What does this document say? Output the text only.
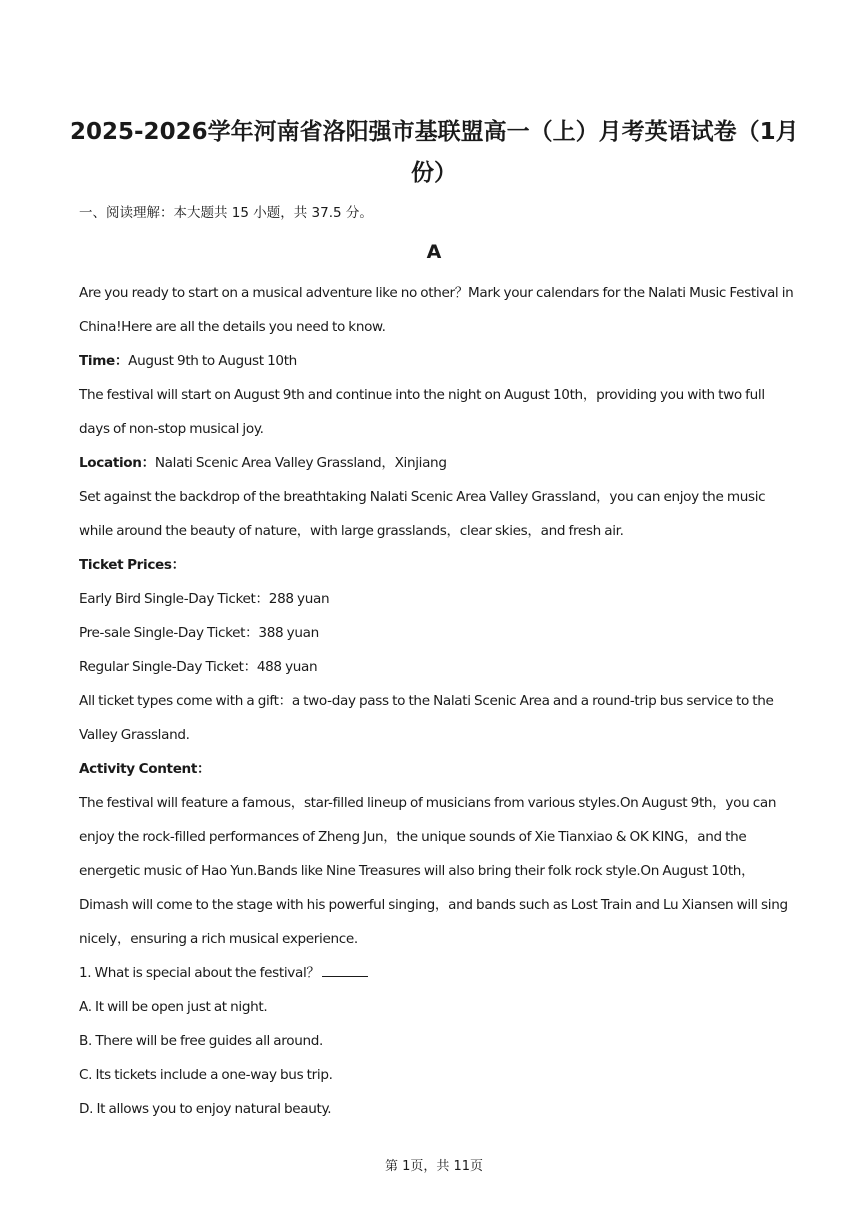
2025-2026学年河南省洛阳强市基联盟高一（上）月考英语试卷（1月
份）
一、阅读理解：本大题共 15 小题，共 37.5 分。
A

Are you ready to start on a musical adventure like no other？Mark your calendars for the Nalati Music Festival in China!Here are all the details you need to know.

Time：August 9th to August 10th

The festival will start on August 9th and continue into the night on August 10th，providing you with two full days of non-stop musical joy.

Location：Nalati Scenic Area Valley Grassland，Xinjiang

Set against the backdrop of the breathtaking Nalati Scenic Area Valley Grassland，you can enjoy the music while around the beauty of nature，with large grasslands，clear skies，and fresh air.

Ticket Prices：

Early Bird Single-Day Ticket：288 yuan

Pre-sale Single-Day Ticket：388 yuan

Regular Single-Day Ticket：488 yuan

All ticket types come with a gift：a two-day pass to the Nalati Scenic Area and a round-trip bus service to the Valley Grassland.

Activity Content：

The festival will feature a famous，star-filled lineup of musicians from various styles.On August 9th，you can enjoy the rock-filled performances of Zheng Jun，the unique sounds of Xie Tianxiao & OK KING，and the energetic music of Hao Yun.Bands like Nine Treasures will also bring their folk rock style.On August 10th，Dimash will come to the stage with his powerful singing，and bands such as Lost Train and Lu Xiansen will sing nicely，ensuring a rich musical experience.

1. What is special about the festival？

A. It will be open just at night.

B. There will be free guides all around.

C. Its tickets include a one-way bus trip.

D. It allows you to enjoy natural beauty.

第 1页，共 11页
